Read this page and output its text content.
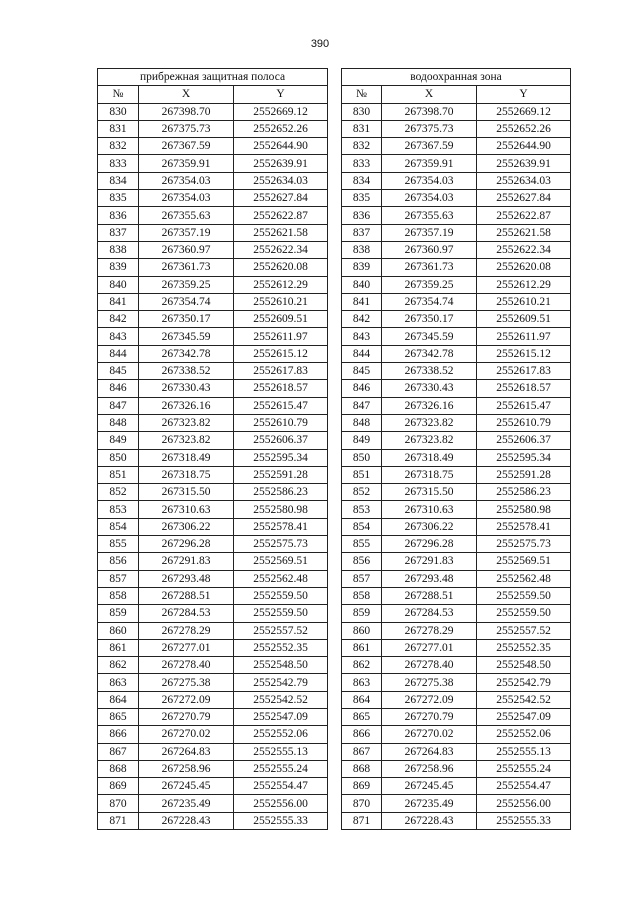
390
прибрежная защитная полоса		
№	X	Y
830	267398.70	2552669.12
831	267375.73	2552652.26
832	267367.59	2552644.90
833	267359.91	2552639.91
834	267354.03	2552634.03
835	267354.03	2552627.84
836	267355.63	2552622.87
837	267357.19	2552621.58
838	267360.97	2552622.34
839	267361.73	2552620.08
840	267359.25	2552612.29
841	267354.74	2552610.21
842	267350.17	2552609.51
843	267345.59	2552611.97
844	267342.78	2552615.12
845	267338.52	2552617.83
846	267330.43	2552618.57
847	267326.16	2552615.47
848	267323.82	2552610.79
849	267323.82	2552606.37
850	267318.49	2552595.34
851	267318.75	2552591.28
852	267315.50	2552586.23
853	267310.63	2552580.98
854	267306.22	2552578.41
855	267296.28	2552575.73
856	267291.83	2552569.51
857	267293.48	2552562.48
858	267288.51	2552559.50
859	267284.53	2552559.50
860	267278.29	2552557.52
861	267277.01	2552552.35
862	267278.40	2552548.50
863	267275.38	2552542.79
864	267272.09	2552542.52
865	267270.79	2552547.09
866	267270.02	2552552.06
867	267264.83	2552555.13
868	267258.96	2552555.24
869	267245.45	2552554.47
870	267235.49	2552556.00
871	267228.43	2552555.33
водоохранная зона		
№	X	Y
830	267398.70	2552669.12
831	267375.73	2552652.26
832	267367.59	2552644.90
833	267359.91	2552639.91
834	267354.03	2552634.03
835	267354.03	2552627.84
836	267355.63	2552622.87
837	267357.19	2552621.58
838	267360.97	2552622.34
839	267361.73	2552620.08
840	267359.25	2552612.29
841	267354.74	2552610.21
842	267350.17	2552609.51
843	267345.59	2552611.97
844	267342.78	2552615.12
845	267338.52	2552617.83
846	267330.43	2552618.57
847	267326.16	2552615.47
848	267323.82	2552610.79
849	267323.82	2552606.37
850	267318.49	2552595.34
851	267318.75	2552591.28
852	267315.50	2552586.23
853	267310.63	2552580.98
854	267306.22	2552578.41
855	267296.28	2552575.73
856	267291.83	2552569.51
857	267293.48	2552562.48
858	267288.51	2552559.50
859	267284.53	2552559.50
860	267278.29	2552557.52
861	267277.01	2552552.35
862	267278.40	2552548.50
863	267275.38	2552542.79
864	267272.09	2552542.52
865	267270.79	2552547.09
866	267270.02	2552552.06
867	267264.83	2552555.13
868	267258.96	2552555.24
869	267245.45	2552554.47
870	267235.49	2552556.00
871	267228.43	2552555.33
